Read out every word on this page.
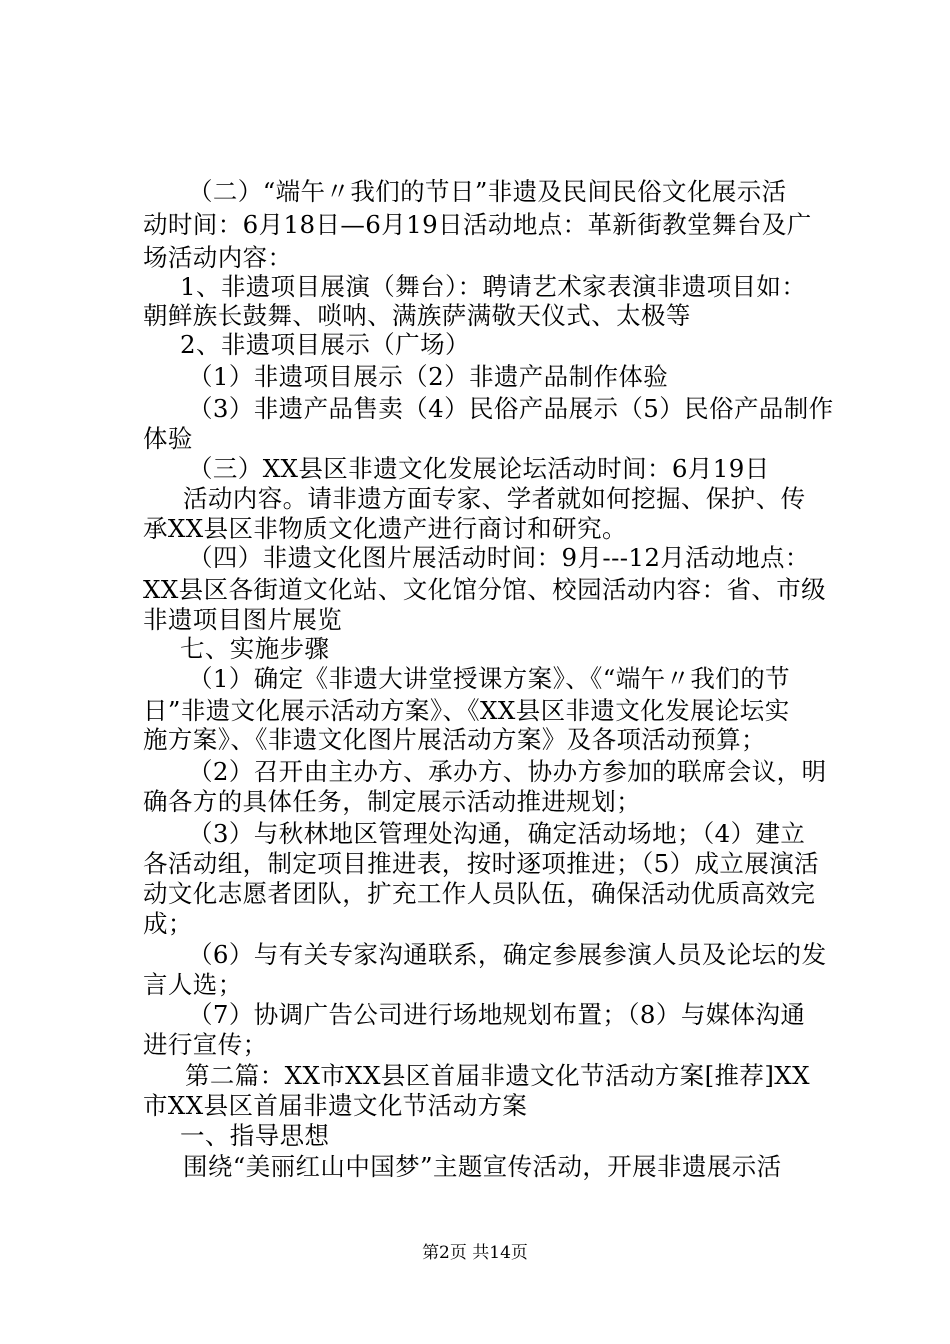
（二）“端午〃我们的节日”非遗及民间民俗文化展示活
动时间：6月18日—6月19日活动地点：革新街教堂舞台及广
场活动内容：
1、非遗项目展演（舞台）：聘请艺术家表演非遗项目如：
朝鲜族长鼓舞、唢呐、满族萨满敬天仪式、太极等
2、非遗项目展示（广场）
（1）非遗项目展示（2）非遗产品制作体验
（3）非遗产品售卖（4）民俗产品展示（5）民俗产品制作
体验
（三）XX县区非遗文化发展论坛活动时间：6月19日
活动内容。请非遗方面专家、学者就如何挖掘、保护、传
承XX县区非物质文化遗产进行商讨和研究。
（四）非遗文化图片展活动时间：9月---12月活动地点：
XX县区各街道文化站、文化馆分馆、校园活动内容：省、市级
非遗项目图片展览
七、实施步骤
（1）确定《非遗大讲堂授课方案》、《“端午〃我们的节
日”非遗文化展示活动方案》、《XX县区非遗文化发展论坛实
施方案》、《非遗文化图片展活动方案》及各项活动预算；
（2）召开由主办方、承办方、协办方参加的联席会议，明
确各方的具体任务，制定展示活动推进规划；
（3）与秋林地区管理处沟通，确定活动场地；（4）建立
各活动组，制定项目推进表，按时逐项推进；（5）成立展演活
动文化志愿者团队，扩充工作人员队伍，确保活动优质高效完
成；
（6）与有关专家沟通联系，确定参展参演人员及论坛的发
言人选；
（7）协调广告公司进行场地规划布置；（8）与媒体沟通
进行宣传；
第二篇：XX市XX县区首届非遗文化节活动方案[推荐]XX
市XX县区首届非遗文化节活动方案
一、指导思想
围绕“美丽红山中国梦”主题宣传活动，开展非遗展示活
第2页 共14页
